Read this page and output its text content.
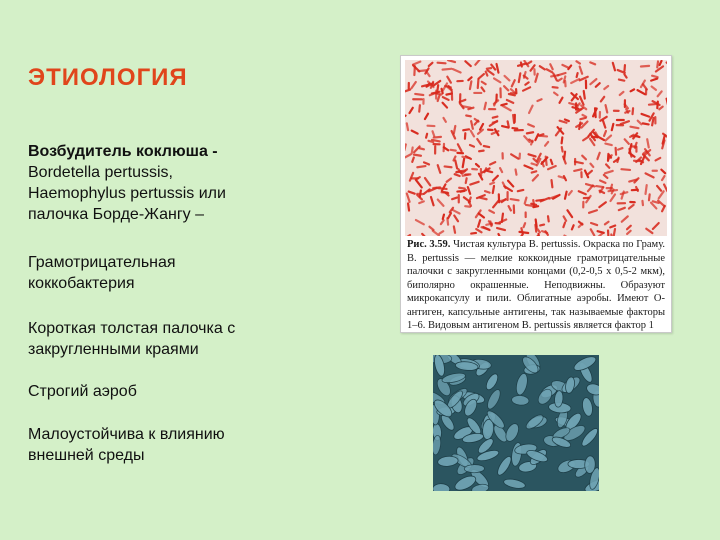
ЭТИОЛОГИЯ
Возбудитель коклюша -
Bordetella pertussis,
Haemophylus pertussis или
палочка Борде-Жангу –
Грамотрицательная
коккобактерия
Короткая толстая палочка с
закругленными краями
Строгий аэроб
Малоустойчива к влиянию
внешней среды
Рис. 3.59. Чистая культура B. pertussis. Окраска по Граму. B. pertussis — мелкие коккоидные грамотрицательные палочки с закругленными концами (0,2-0,5 х 0,5-2 мкм), биполярно окрашенные. Неподвижны. Образуют микрокапсулу и пили. Облигатные аэробы. Имеют О-антиген, капсульные антигены, так называемые факторы 1–6. Видовым антигеном B. pertussis является фактор 1
